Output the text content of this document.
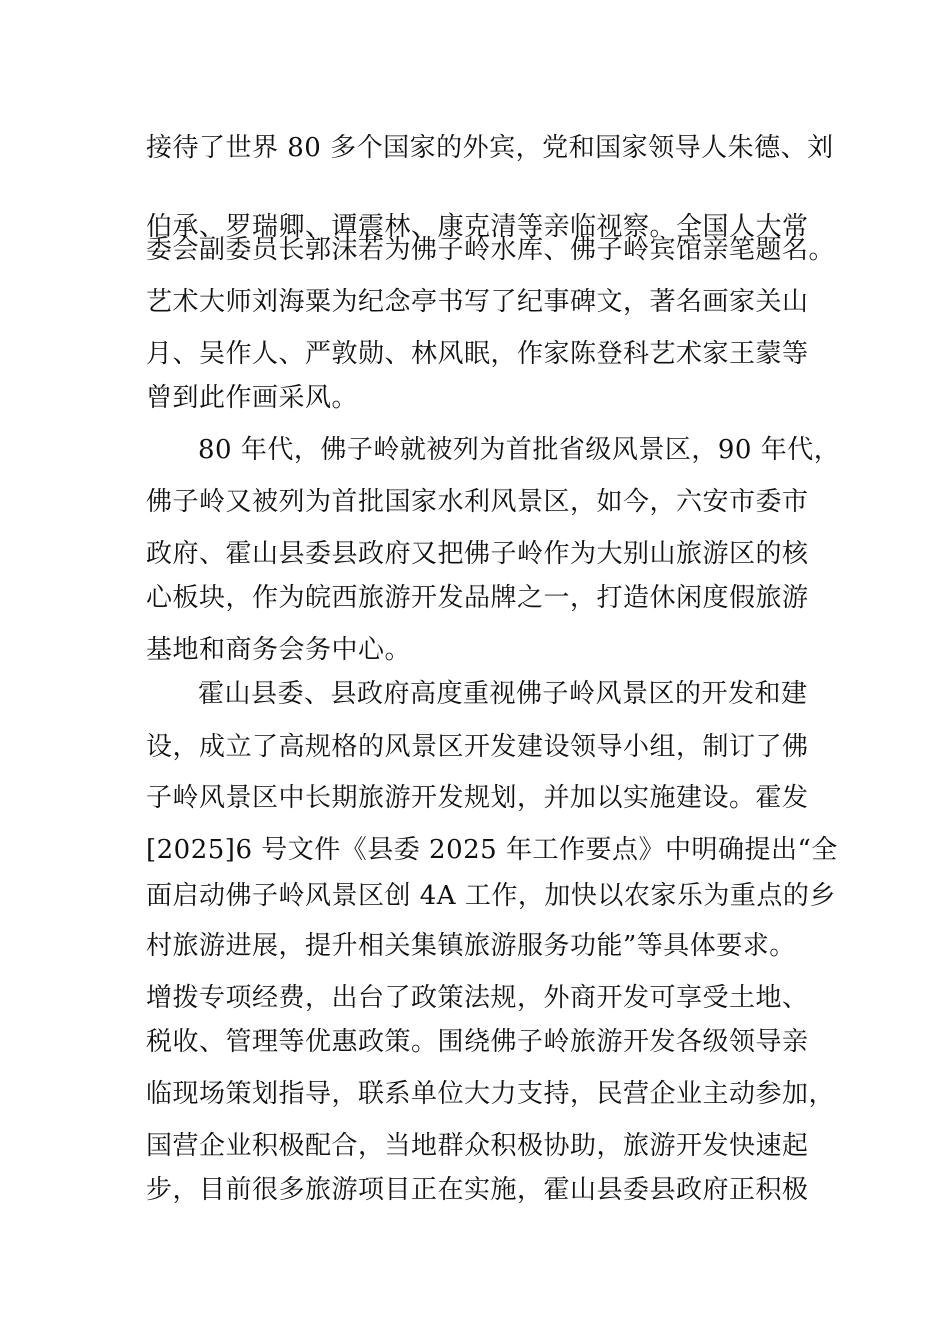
接待了世界 80 多个国家的外宾，党和国家领导人朱德、刘
伯承、罗瑞卿、谭震林、康克清等亲临视察。全国人大常
委会副委员长郭沫若为佛子岭水库、佛子岭宾馆亲笔题名。
艺术大师刘海粟为纪念亭书写了纪事碑文，著名画家关山
月、吴作人、严敦勋、林风眠，作家陈登科艺术家王蒙等
曾到此作画采风。
80 年代，佛子岭就被列为首批省级风景区，90 年代，
佛子岭又被列为首批国家水利风景区，如今，六安市委市
政府、霍山县委县政府又把佛子岭作为大别山旅游区的核
心板块，作为皖西旅游开发品牌之一，打造休闲度假旅游
基地和商务会务中心。
霍山县委、县政府高度重视佛子岭风景区的开发和建
设，成立了高规格的风景区开发建设领导小组，制订了佛
子岭风景区中长期旅游开发规划，并加以实施建设。霍发
[2025]6 号文件《县委 2025 年工作要点》中明确提出“全
面启动佛子岭风景区创 4A 工作，加快以农家乐为重点的乡
村旅游进展，提升相关集镇旅游服务功能”等具体要求。
增拨专项经费，出台了政策法规，外商开发可享受土地、
税收、管理等优惠政策。围绕佛子岭旅游开发各级领导亲
临现场策划指导，联系单位大力支持，民营企业主动参加，
国营企业积极配合，当地群众积极协助，旅游开发快速起
步，目前很多旅游项目正在实施，霍山县委县政府正积极
